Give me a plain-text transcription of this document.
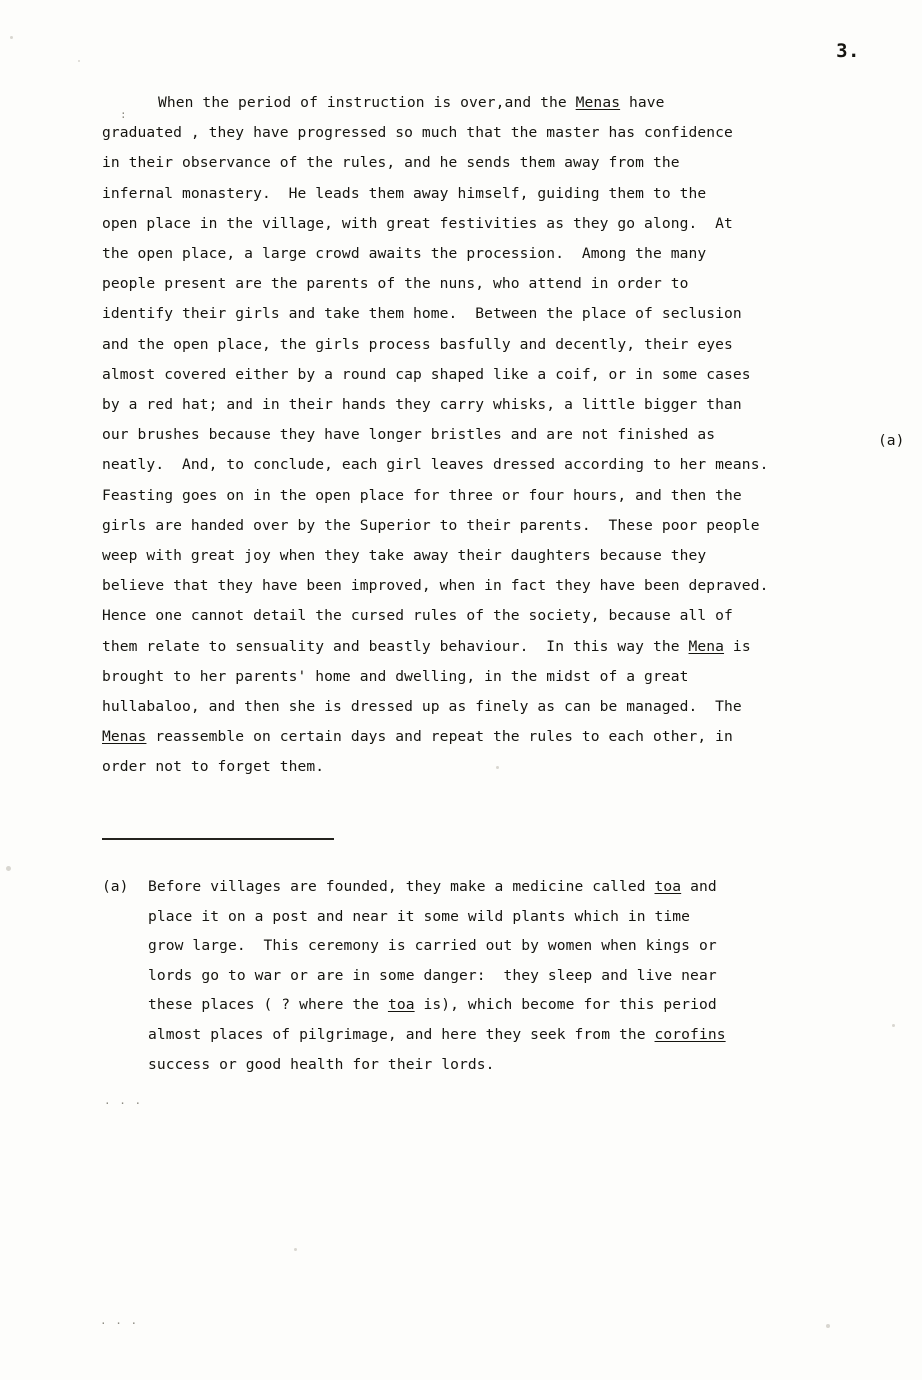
. . .
. . .
:
3.
When the period of instruction is over,and the Menas have
graduated , they have progressed so much that the master has confidence
in their observance of the rules, and he sends them away from the
infernal monastery.  He leads them away himself, guiding them to the
open place in the village, with great festivities as they go along.  At
the open place, a large crowd awaits the procession.  Among the many
people present are the parents of the nuns, who attend in order to
identify their girls and take them home.  Between the place of seclusion
and the open place, the girls process basfully and decently, their eyes
almost covered either by a round cap shaped like a coif, or in some cases
by a red hat; and in their hands they carry whisks, a little bigger than
our brushes because they have longer bristles and are not finished as
neatly.  And, to conclude, each girl leaves dressed according to her means.
Feasting goes on in the open place for three or four hours, and then the
girls are handed over by the Superior to their parents.  These poor people
weep with great joy when they take away their daughters because they
believe that they have been improved, when in fact they have been depraved.
Hence one cannot detail the cursed rules of the society, because all of
them relate to sensuality and beastly behaviour.  In this way the Mena is
brought to her parents' home and dwelling, in the midst of a great
hullabaloo, and then she is dressed up as finely as can be managed.  The
Menas reassemble on certain days and repeat the rules to each other, in
order not to forget them.
(a)
(a)	Before villages are founded, they make a medicine called toa and
place it on a post and near it some wild plants which in time
grow large.  This ceremony is carried out by women when kings or
lords go to war or are in some danger:  they sleep and live near
these places ( ? where the toa is), which become for this period
almost places of pilgrimage, and here they seek from the corofins
success or good health for their lords.
